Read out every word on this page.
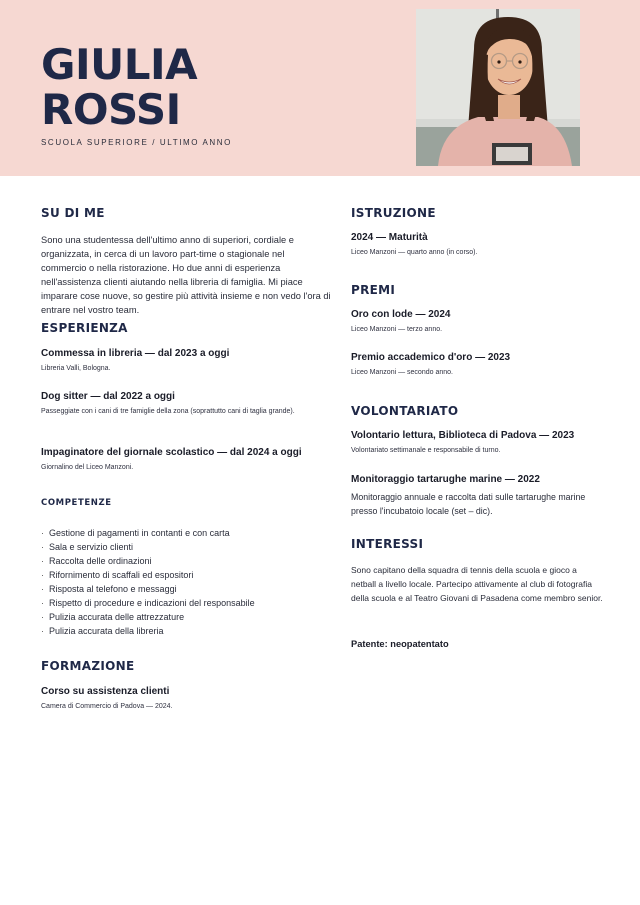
GIULIA
ROSSI

SCUOLA SUPERIORE / ULTIMO ANNO

SU DI ME

Sono una studentessa dell'ultimo anno di superiori, cordiale e organizzata, in cerca di un lavoro part-time o stagionale nel commercio o nella ristorazione. Ho due anni di esperienza nell'assistenza clienti aiutando nella libreria di famiglia. Mi piace imparare cose nuove, so gestire più attività insieme e non vedo l'ora di entrare nel vostro team.

ESPERIENZA

Commessa in libreria — dal 2023 a oggi

Libreria Valli, Bologna.

Dog sitter — dal 2022 a oggi

Passeggiate con i cani di tre famiglie della zona (soprattutto cani di taglia grande).

Impaginatore del giornale scolastico — dal 2024 a oggi

Giornalino del Liceo Manzoni.

COMPETENZE
· Gestione di pagamenti in contanti e con carta
· Sala e servizio clienti
· Raccolta delle ordinazioni
· Rifornimento di scaffali ed espositori
· Risposta al telefono e messaggi
· Rispetto di procedure e indicazioni del responsabile
· Pulizia accurata delle attrezzature
· Pulizia accurata della libreria
FORMAZIONE

Corso su assistenza clienti

Camera di Commercio di Padova — 2024.

ISTRUZIONE

2024 — Maturità

Liceo Manzoni — quarto anno (in corso).

PREMI

Oro con lode — 2024

Liceo Manzoni — terzo anno.

Premio accademico d'oro — 2023

Liceo Manzoni — secondo anno.

VOLONTARIATO

Volontario lettura, Biblioteca di Padova — 2023

Volontariato settimanale e responsabile di turno.

Monitoraggio tartarughe marine — 2022

Monitoraggio annuale e raccolta dati sulle tartarughe marine presso l'incubatoio locale (set – dic).

INTERESSI

Sono capitano della squadra di tennis della scuola e gioco a netball a livello locale. Partecipo attivamente al club di fotografia della scuola e al Teatro Giovani di Pasadena come membro senior.

Patente: neopatentato
